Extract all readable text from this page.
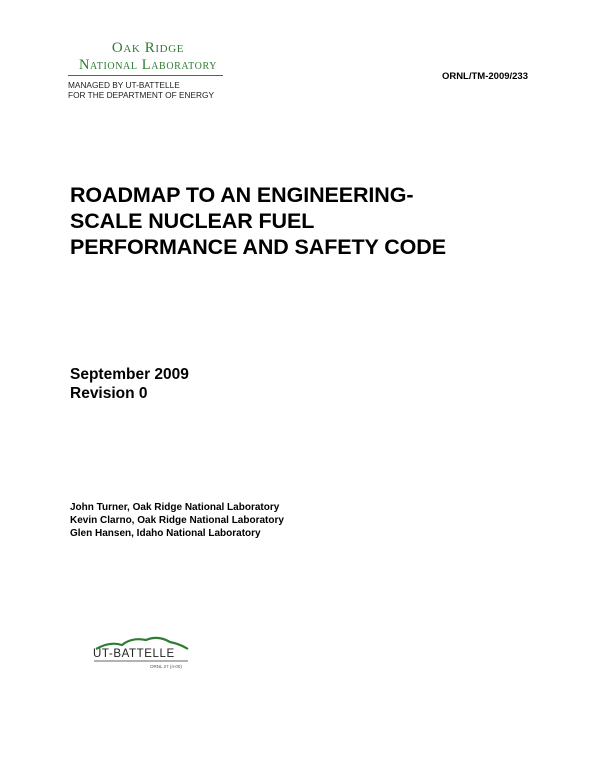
Oak Ridge
National Laboratory
MANAGED BY UT-BATTELLE
FOR THE DEPARTMENT OF ENERGY
ORNL/TM-2009/233
ROADMAP TO AN ENGINEERING-
SCALE NUCLEAR FUEL
PERFORMANCE AND SAFETY CODE
September 2009
Revision 0
John Turner, Oak Ridge National Laboratory
Kevin Clarno, Oak Ridge National Laboratory
Glen Hansen, Idaho National Laboratory
UT-BATTELLE
ORNL 27 (4-00)
